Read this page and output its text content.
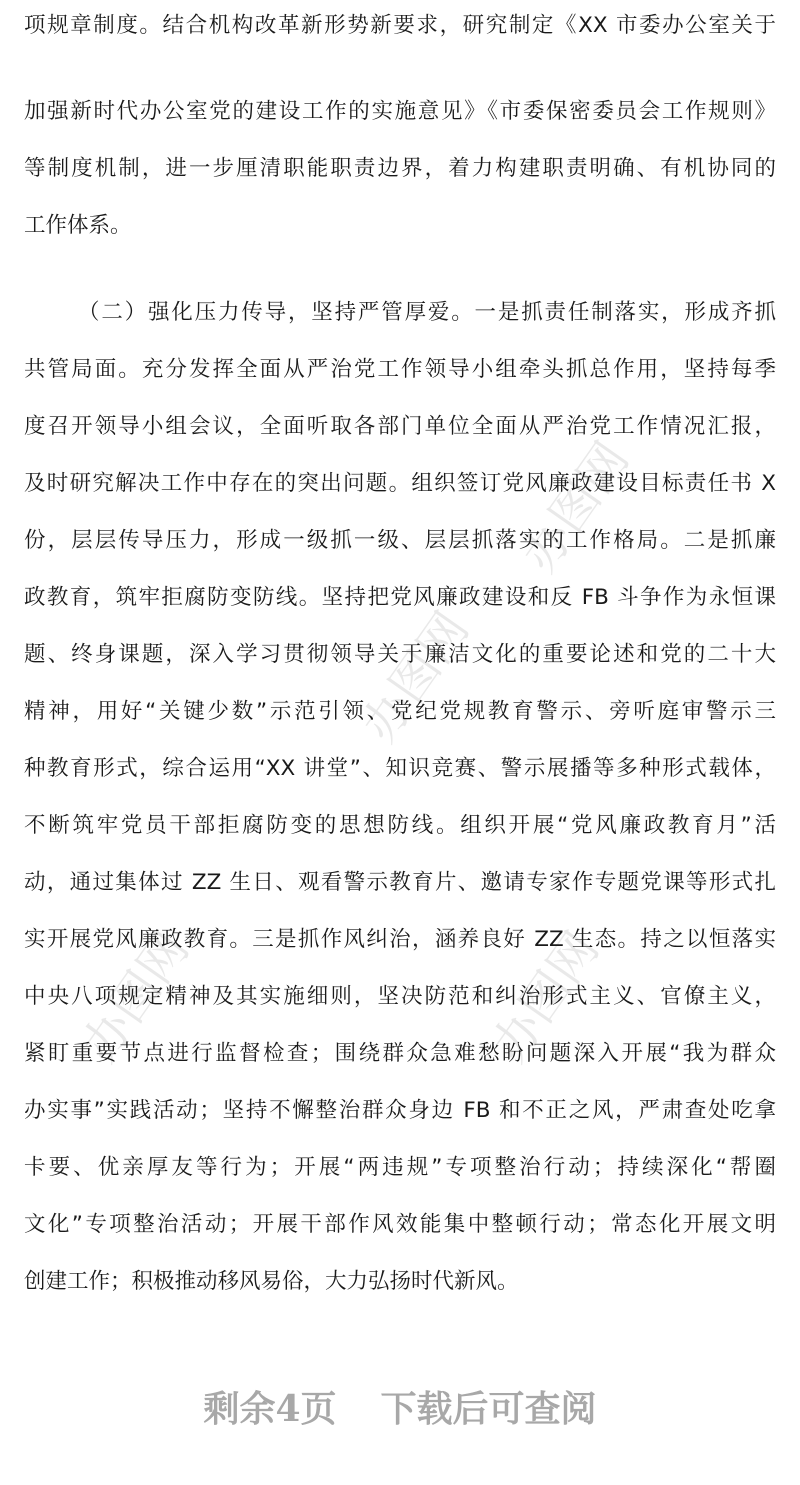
办图网
办图网
办图网
办图网
项规章制度。结合机构改革新形势新要求，研究制定《XX 市委办公室关于
加强新时代办公室党的建设工作的实施意见》《市委保密委员会工作规则》
等制度机制，进一步厘清职能职责边界，着力构建职责明确、有机协同的
工作体系。
（二）强化压力传导，坚持严管厚爱。一是抓责任制落实，形成齐抓
共管局面。充分发挥全面从严治党工作领导小组牵头抓总作用，坚持每季
度召开领导小组会议，全面听取各部门单位全面从严治党工作情况汇报，
及时研究解决工作中存在的突出问题。组织签订党风廉政建设目标责任书 X
份，层层传导压力，形成一级抓一级、层层抓落实的工作格局。二是抓廉
政教育，筑牢拒腐防变防线。坚持把党风廉政建设和反 FB 斗争作为永恒课
题、终身课题，深入学习贯彻领导关于廉洁文化的重要论述和党的二十大
精神，用好“关键少数”示范引领、党纪党规教育警示、旁听庭审警示三
种教育形式，综合运用“XX 讲堂”、知识竞赛、警示展播等多种形式载体，
不断筑牢党员干部拒腐防变的思想防线。组织开展“党风廉政教育月”活
动，通过集体过 ZZ 生日、观看警示教育片、邀请专家作专题党课等形式扎
实开展党风廉政教育。三是抓作风纠治，涵养良好 ZZ 生态。持之以恒落实
中央八项规定精神及其实施细则，坚决防范和纠治形式主义、官僚主义，
紧盯重要节点进行监督检查；围绕群众急难愁盼问题深入开展“我为群众
办实事”实践活动；坚持不懈整治群众身边 FB 和不正之风，严肃查处吃拿
卡要、优亲厚友等行为；开展“两违规”专项整治行动；持续深化“帮圈
文化”专项整治活动；开展干部作风效能集中整顿行动；常态化开展文明
创建工作；积极推动移风易俗，大力弘扬时代新风。
剩余4页 下载后可查阅
